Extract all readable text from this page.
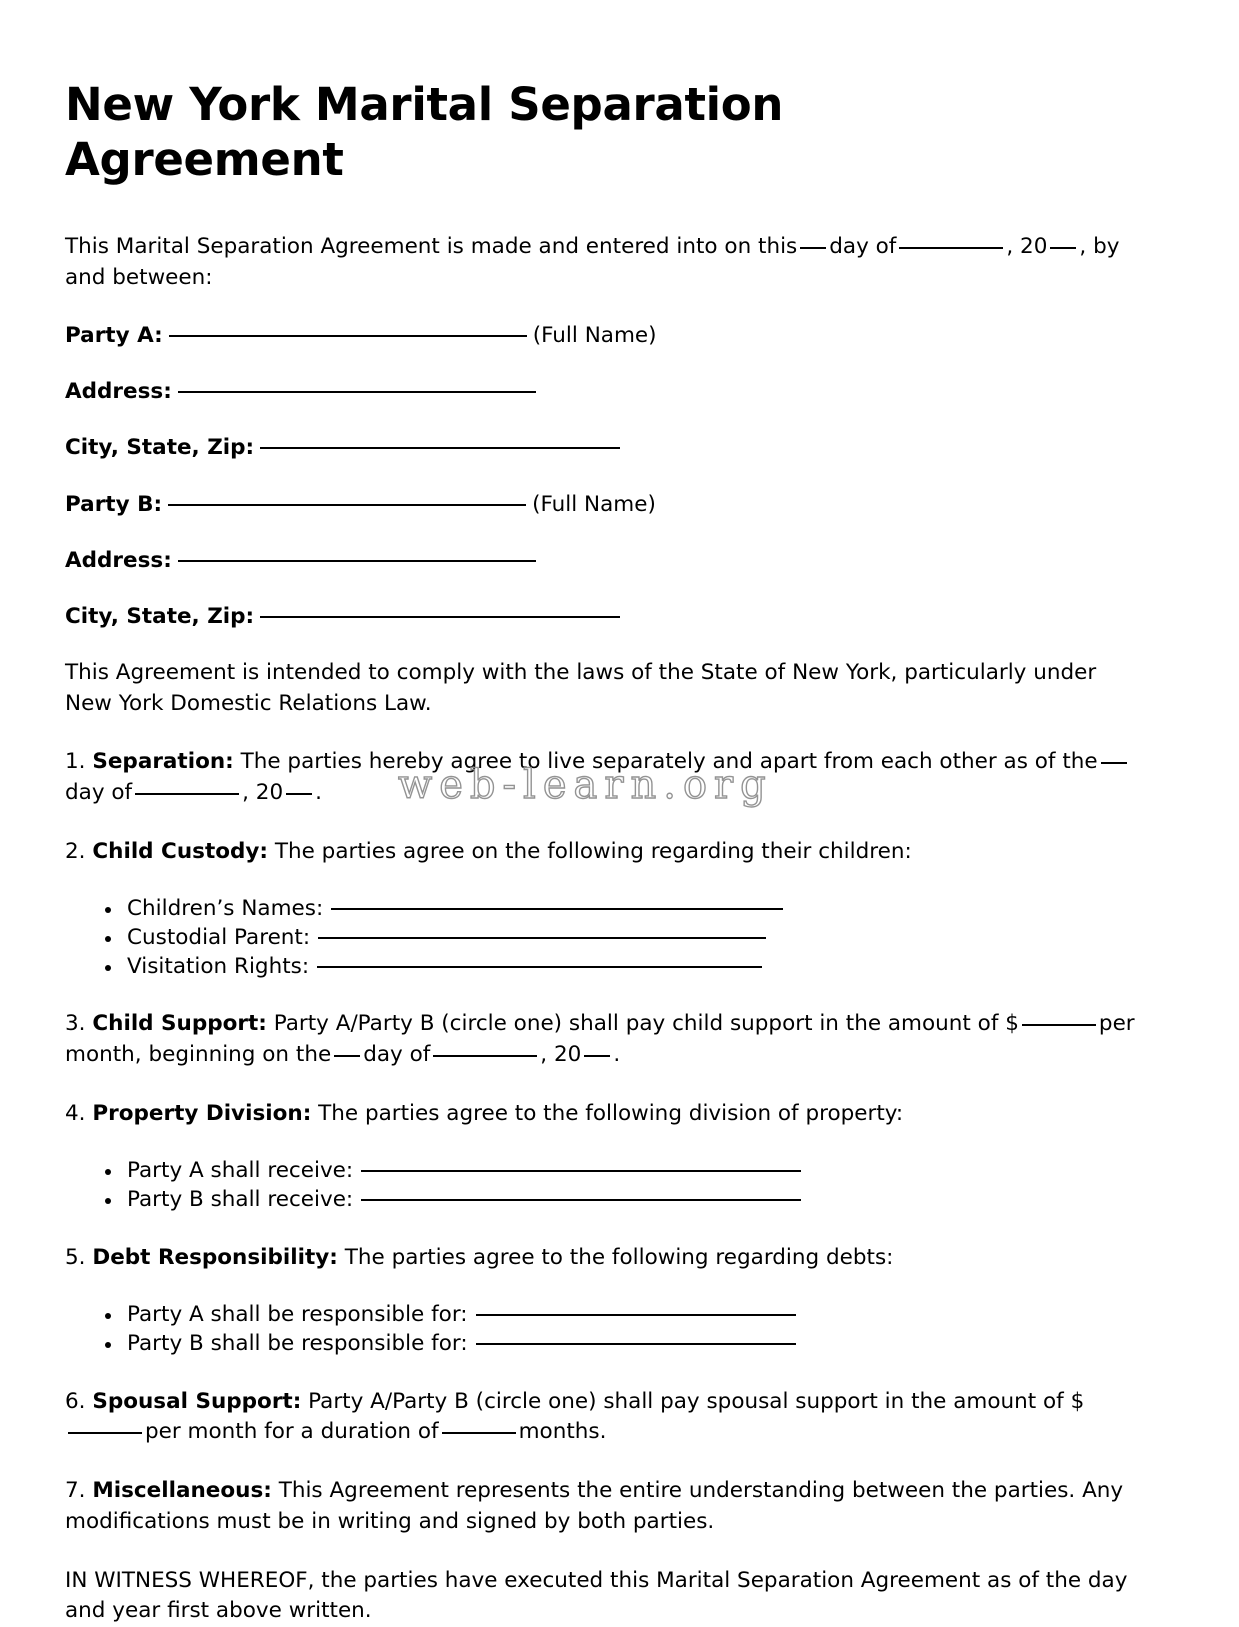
New York Marital Separation Agreement

This Marital Separation Agreement is made and entered into on this day of	, 20 , by and between:

Party A:	(Full Name)
Address:
City, State, Zip:
Party B:	(Full Name)
Address:
City, State, Zip:

This Agreement is intended to comply with the laws of the State of New York, particularly under New York Domestic Relations Law.

1. Separation: The parties hereby agree to live separately and apart from each other as of theday of	, 20 .

2. Child Custody: The parties agree on the following regarding their children:

Children’s Names:
Custodial Parent:
Visitation Rights:

3. Child Support: Party A/Party B (circle one) shall pay child support in the amount of $	per month, beginning on the day of	, 20 .

4. Property Division: The parties agree to the following division of property:

Party A shall receive:
Party B shall receive:

5. Debt Responsibility: The parties agree to the following regarding debts:

Party A shall be responsible for:
Party B shall be responsible for:

6. Spousal Support: Party A/Party B (circle one) shall pay spousal support in the amount of $per month for a duration of	months.

7. Miscellaneous: This Agreement represents the entire understanding between the parties. Any modifications must be in writing and signed by both parties.

IN WITNESS WHEREOF, the parties have executed this Marital Separation Agreement as of the day and year first above written.

web-learn.org
